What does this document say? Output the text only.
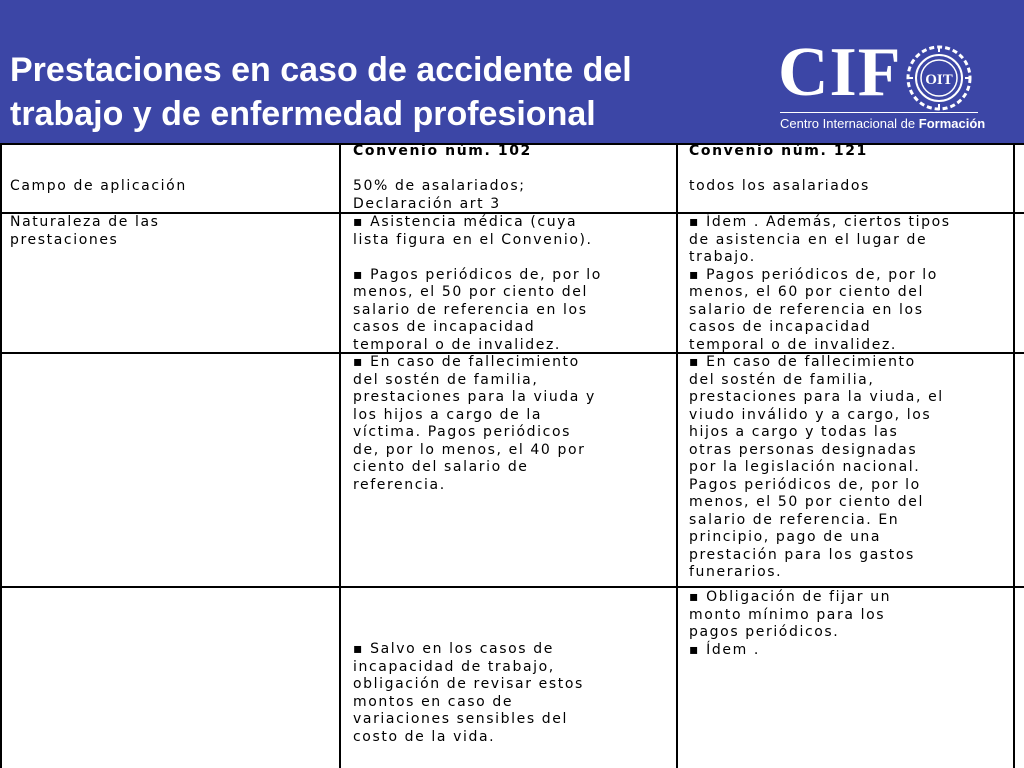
Prestaciones en caso de accidente del
trabajo y de enfermedad profesional
CIF OIT
Centro Internacional de Formación
Convenio núm. 102	Convenio núm. 121
Campo de aplicación	50% de asalariados;
Declaración art 3
todos los asalariados
Naturaleza de las
prestaciones
▪ Asistencia médica (cuya
lista figura en el Convenio).

▪ Pagos periódicos de, por lo
menos, el 50 por ciento del
salario de referencia en los
casos de incapacidad
temporal o de invalidez.
▪ Ídem . Además, ciertos tipos
de asistencia en el lugar de
trabajo.
▪ Pagos periódicos de, por lo
menos, el 60 por ciento del
salario de referencia en los
casos de incapacidad
temporal o de invalidez.
▪ En caso de fallecimiento
del sostén de familia,
prestaciones para la viuda y
los hijos a cargo de la
víctima. Pagos periódicos
de, por lo menos, el 40 por
ciento del salario de
referencia.
▪ En caso de fallecimiento
del sostén de familia,
prestaciones para la viuda, el
viudo inválido y a cargo, los
hijos a cargo y todas las
otras personas designadas
por la legislación nacional.
Pagos periódicos de, por lo
menos, el 50 por ciento del
salario de referencia. En
principio, pago de una
prestación para los gastos
funerarios.
▪ Salvo en los casos de
incapacidad de trabajo,
obligación de revisar estos
montos en caso de
variaciones sensibles del
costo de la vida.
▪ Obligación de fijar un
monto mínimo para los
pagos periódicos.
▪ Ídem .
